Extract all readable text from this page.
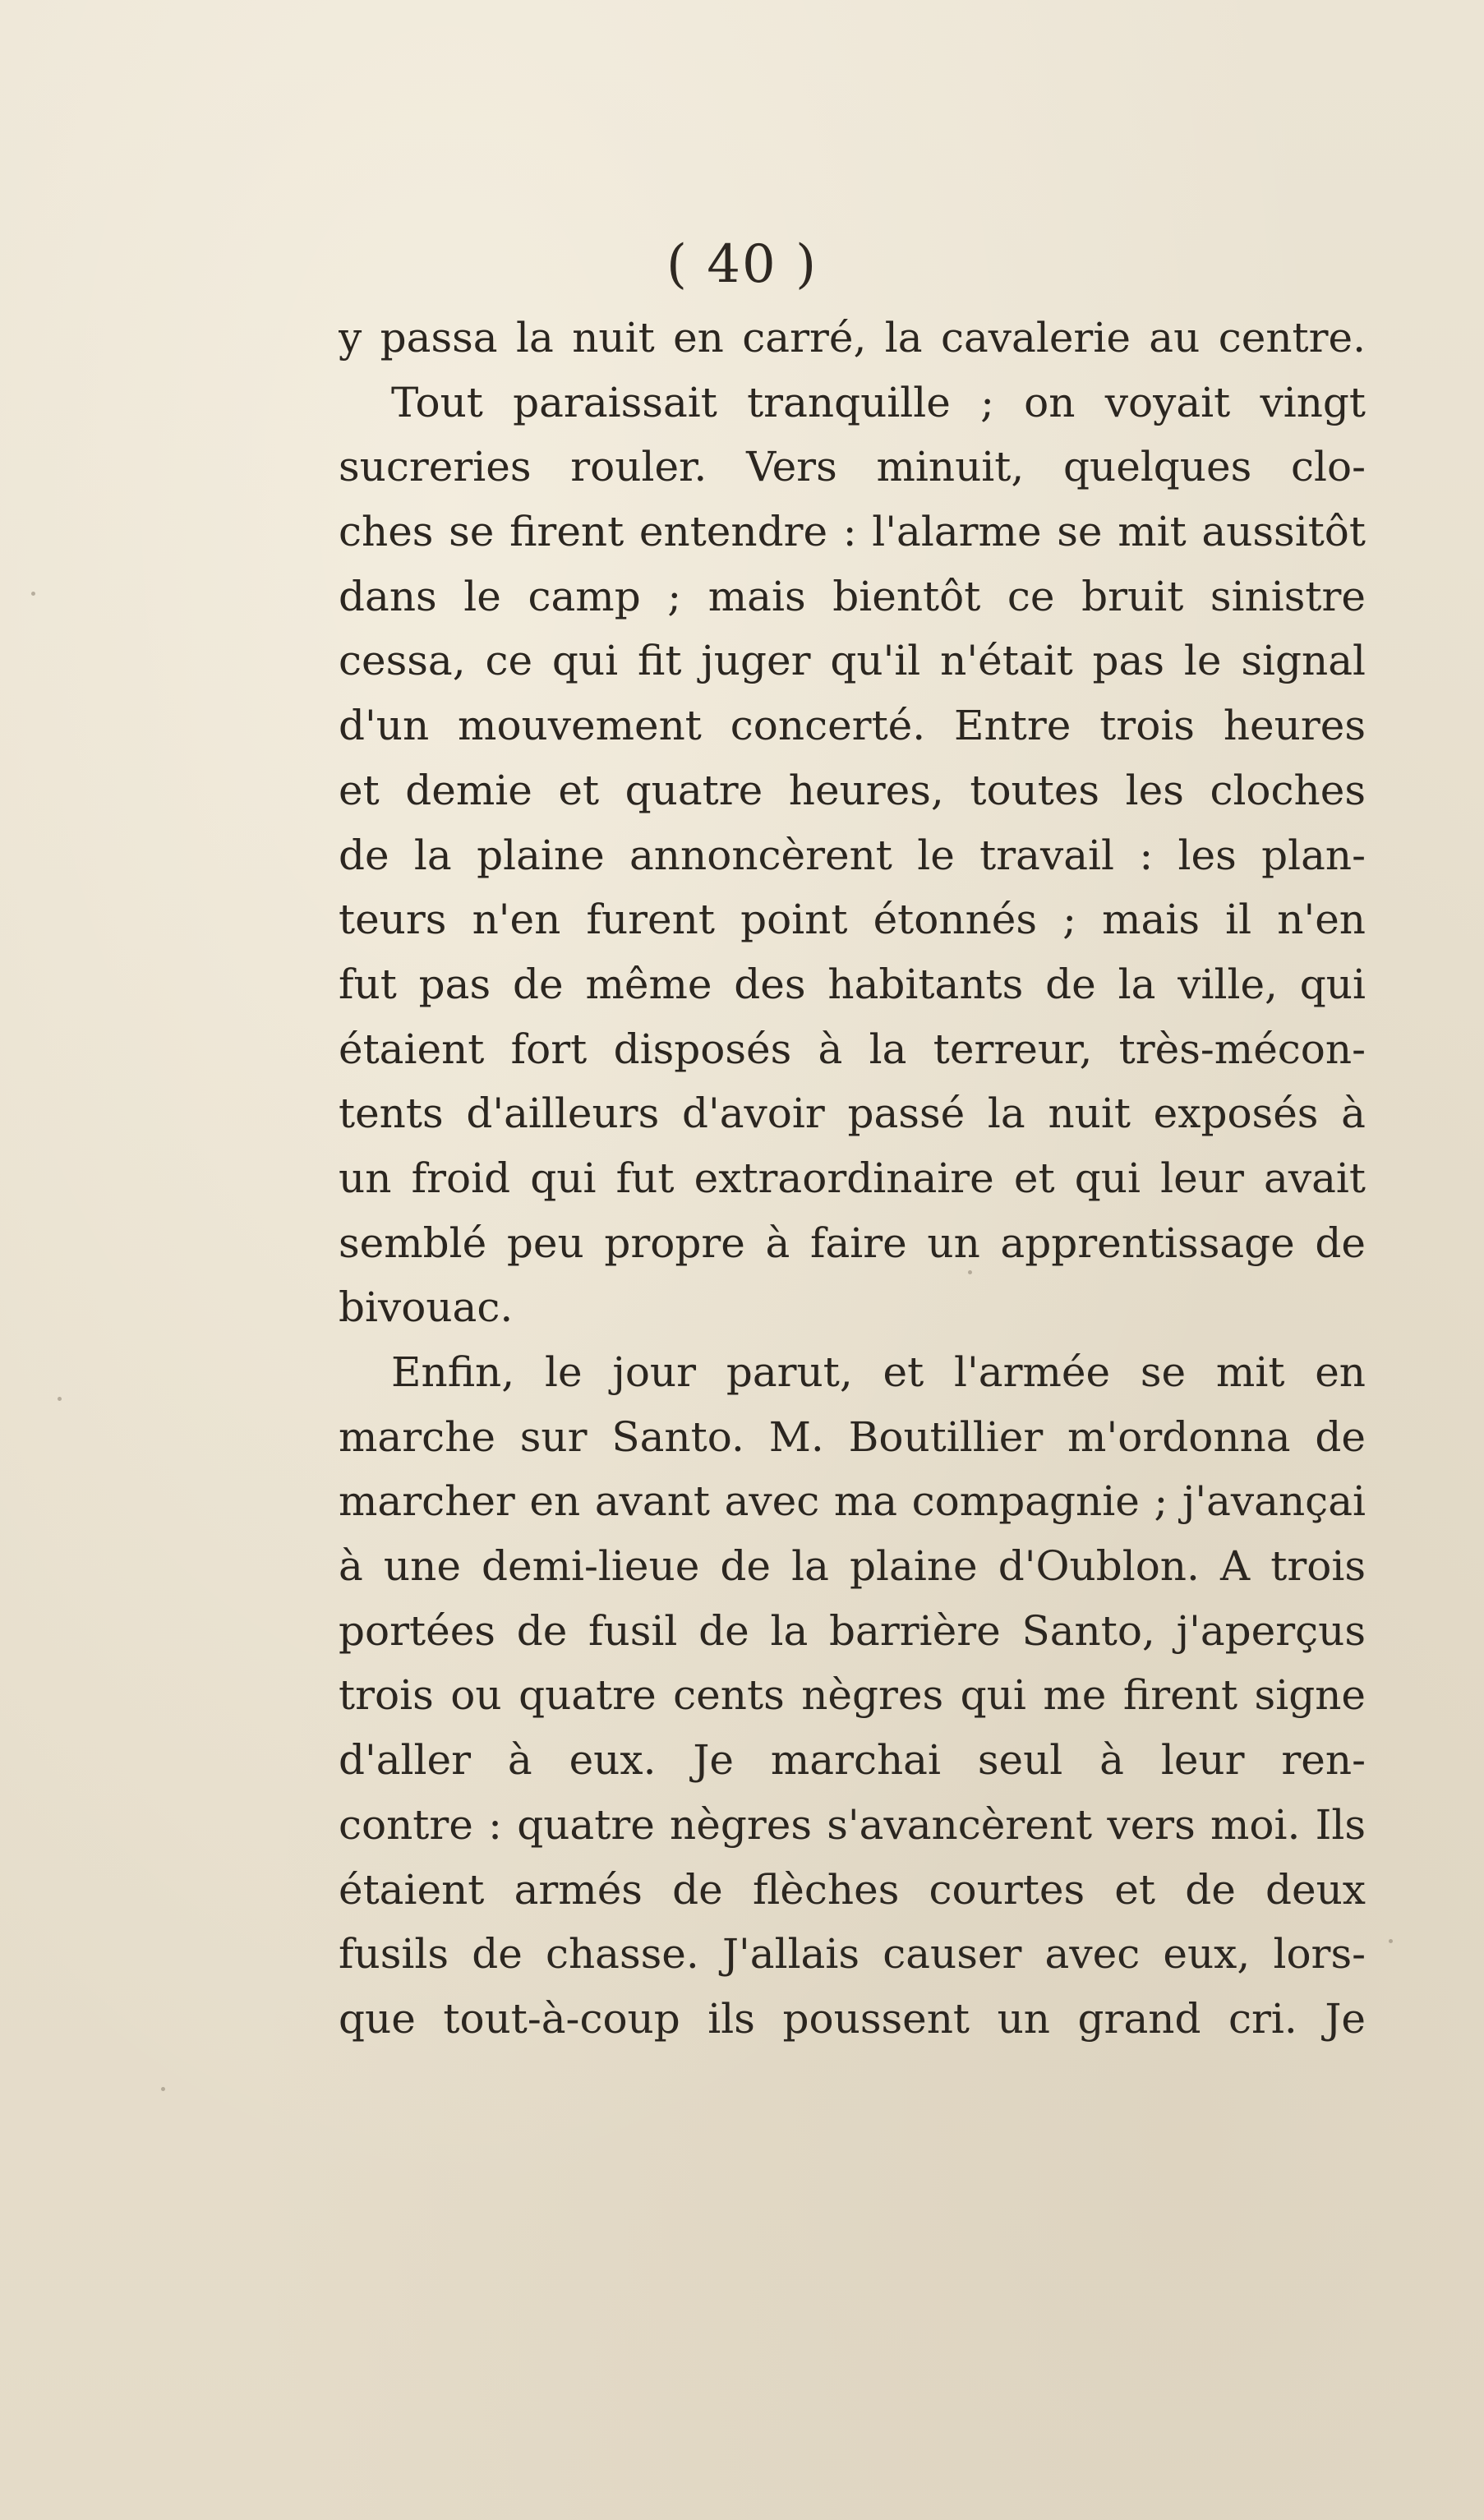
( 40 )
y passa la nuit en carré, la cavalerie au centre.
Tout paraissait tranquille ; on voyait vingt
sucreries rouler. Vers minuit, quelques clo-
ches se firent entendre : l'alarme se mit aussitôt
dans le camp ; mais bientôt ce bruit sinistre
cessa, ce qui fit juger qu'il n'était pas le signal
d'un mouvement concerté. Entre trois heures
et demie et quatre heures, toutes les cloches
de la plaine annoncèrent le travail : les plan-
teurs n'en furent point étonnés ; mais il n'en
fut pas de même des habitants de la ville, qui
étaient fort disposés à la terreur, très-mécon-
tents d'ailleurs d'avoir passé la nuit exposés à
un froid qui fut extraordinaire et qui leur avait
semblé peu propre à faire un apprentissage de
bivouac.
Enfin, le jour parut, et l'armée se mit en
marche sur Santo. M. Boutillier m'ordonna de
marcher en avant avec ma compagnie ; j'avançai
à une demi-lieue de la plaine d'Oublon. A trois
portées de fusil de la barrière Santo, j'aperçus
trois ou quatre cents nègres qui me firent signe
d'aller à eux. Je marchai seul à leur ren-
contre : quatre nègres s'avancèrent vers moi. Ils
étaient armés de flèches courtes et de deux
fusils de chasse. J'allais causer avec eux, lors-
que tout-à-coup ils poussent un grand cri. Je
